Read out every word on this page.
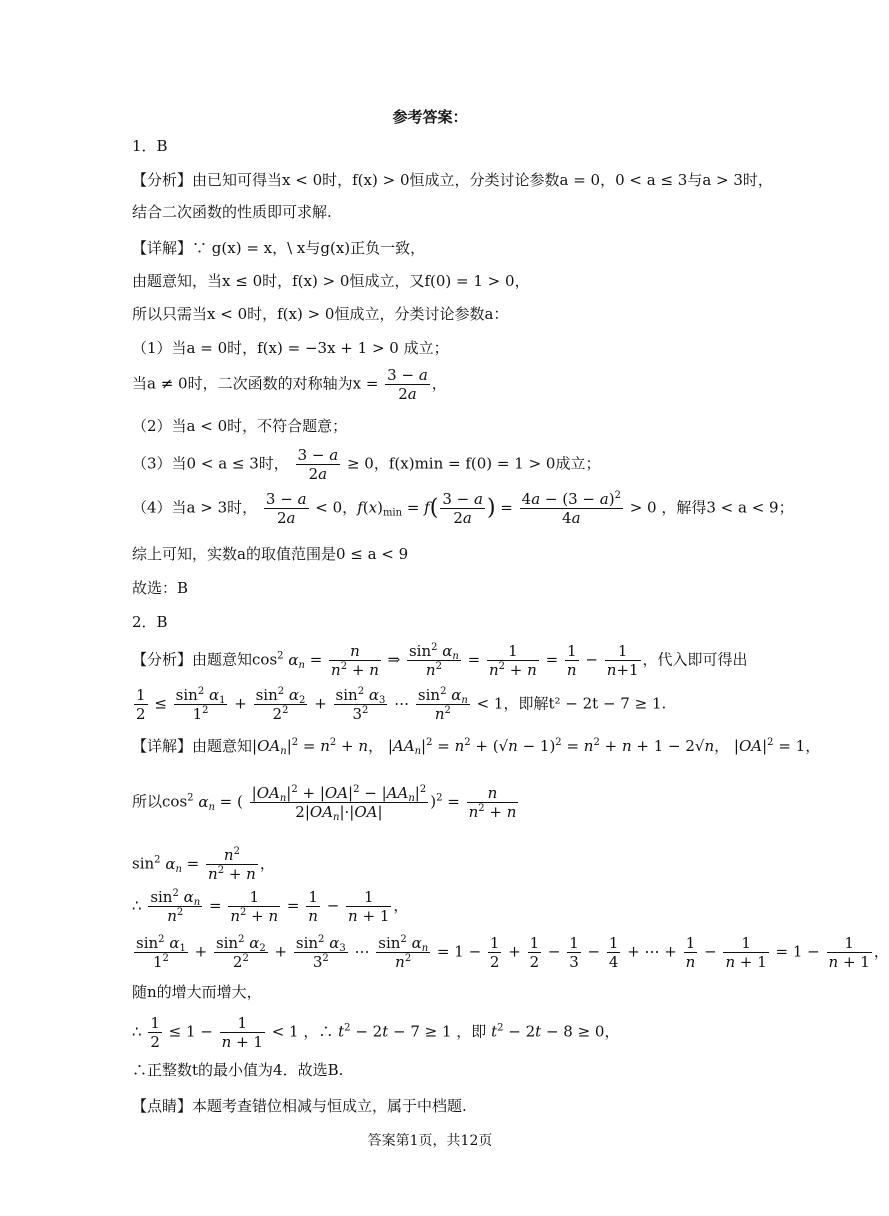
参考答案：
1．B
【分析】由已知可得当x < 0时，f(x) > 0恒成立，分类讨论参数a = 0，0 < a ≤ 3与a > 3时，
结合二次函数的性质即可求解.
【详解】∵ g(x) = x，\ x与g(x)正负一致，
由题意知，当x ≤ 0时，f(x) > 0恒成立，又f(0) = 1 > 0，
所以只需当x < 0时，f(x) > 0恒成立，分类讨论参数a：
（1）当a = 0时，f(x) = −3x + 1 > 0 成立；
当a ≠ 0时，二次函数的对称轴为$x = \frac{3 - a}{2a}$ ，
（2）当a < 0时，不符合题意；
（3）当0 < a ≤ 3时， $\frac{3 - a}{2a} \ge 0$，f(x)min = f(0) = 1 > 0成立；
（4）当a > 3时， $\frac{3 - a}{2a} < 0$，$f(x)_{min} = f( \frac{3 - a}{2a}$ ) = $\frac{4a - (3 - a)^2}{4a} > 0$ ，解得3 < a < 9；
综上可知，实数a的取值范围是0 ≤ a < 9
故选：B
2．B
【分析】由题意知$\cos^2 \alpha_n = \frac{n}{n^2 + n}$ ⇒ $\frac{\sin^2 \alpha_n}{n^2} = \frac{1}{n^2 + n} = \frac{1}{n} - \frac{1}{n+1}$ ，代入即可得出
$\frac{1}{2} \le \frac{\sin^2 \alpha_1}{1^2} + \frac{\sin^2 \alpha_2}{2^2} + \frac{\sin^2 \alpha_3}{3^2}$ ⋯ $\frac{\sin^2 \alpha_n}{n^2} < 1$，即解t² − 2t − 7 ≥ 1.
【详解】由题意知$|OA_n|^2 = n^2 + n$， $|AA_n|^2 = n^2 + (√n - 1)^2 = n^2 + n + 1 - 2√n$， $|OA|^2 = 1$，
所以$\cos^2 \alpha_n$ = ( $\frac{|OA_n|^2 + |OA|^2 - |AA_n|^2}{2|OA_n|\cdot|OA|} )^2 = \frac{n}{n^2 + n}$
$\sin^2 \alpha_n = \frac{n^2}{n^2 + n}$ ，
∴ $\frac{\sin^2 \alpha_n}{n^2} = \frac{1}{n^2 + n} = \frac{1}{n} - \frac{1}{n + 1}$ ，
$\frac{\sin^2 \alpha_1}{1^2} + \frac{\sin^2 \alpha_2}{2^2} + \frac{\sin^2 \alpha_3}{3^2}$ ⋯ $\frac{\sin^2 \alpha_n}{n^2} = 1 - \frac{1}{2} + \frac{1}{2} - \frac{1}{3} - \frac{1}{4}$ + ⋯ + $\frac{1}{n} - \frac{1}{n + 1} = 1 - \frac{1}{n + 1}$ ，
随n的增大而增大，
∴ $\frac{1}{2} \le 1 - \frac{1}{n + 1} < 1$ ，∴ $t^2 - 2t - 7 \ge 1$ ，即 $t^2 - 2t - 8 \ge 0$，
∴正整数t的最小值为4．故选B.
【点睛】本题考查错位相减与恒成立，属于中档题.
答案第1页，共12页
